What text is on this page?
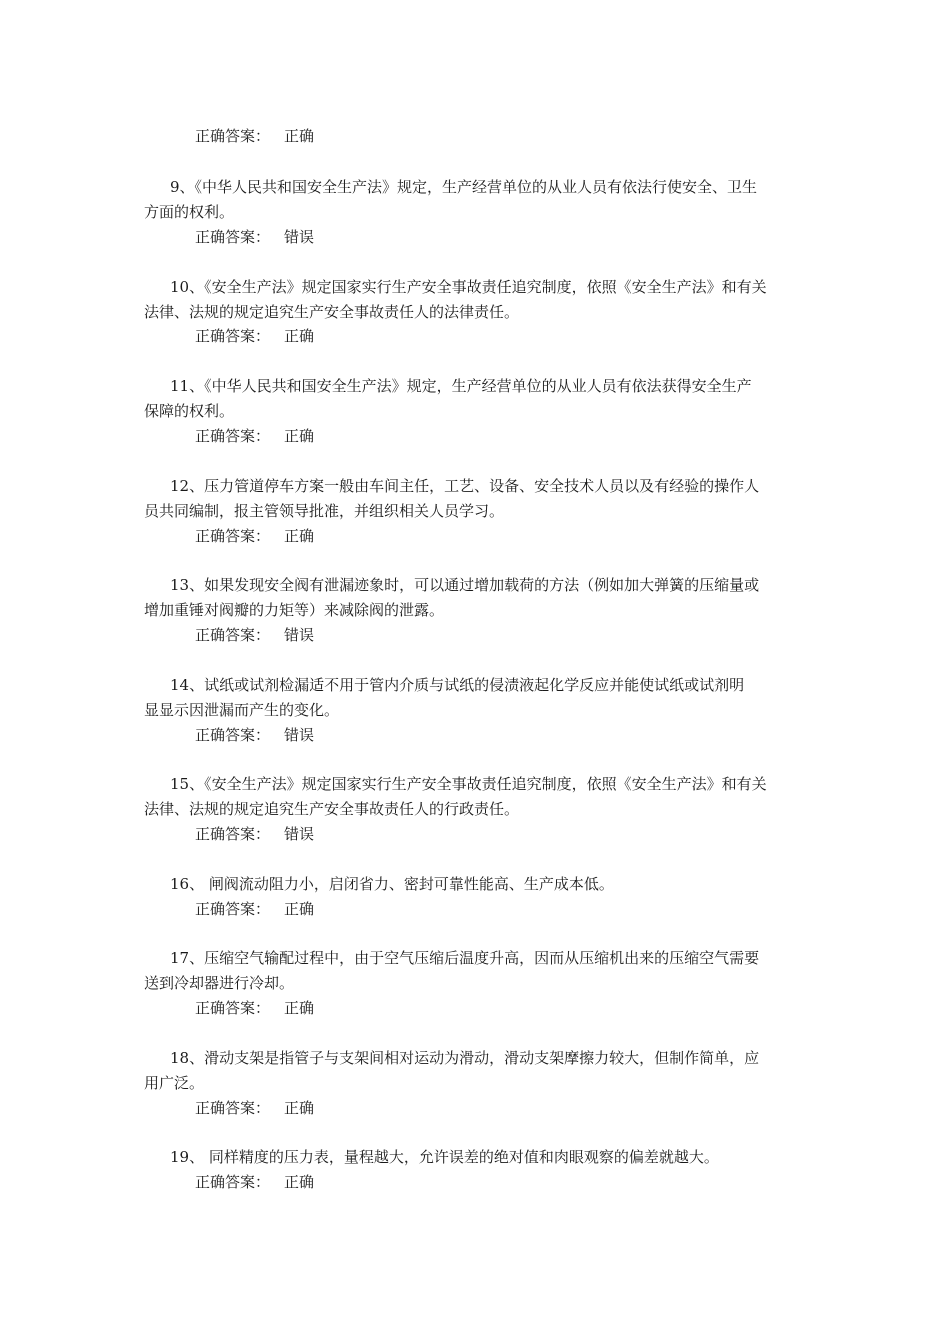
正确答案： 正确
9、《中华人民共和国安全生产法》规定，生产经营单位的从业人员有依法行使安全、卫生
方面的权利。
正确答案： 错误
10、《安全生产法》规定国家实行生产安全事故责任追究制度，依照《安全生产法》和有关
法律、法规的规定追究生产安全事故责任人的法律责任。
正确答案： 正确
11、《中华人民共和国安全生产法》规定，生产经营单位的从业人员有依法获得安全生产
保障的权利。
正确答案： 正确
12、压力管道停车方案一般由车间主任，工艺、设备、安全技术人员以及有经验的操作人
员共同编制，报主管领导批准，并组织相关人员学习。
正确答案： 正确
13、如果发现安全阀有泄漏迹象时，可以通过增加载荷的方法（例如加大弹簧的压缩量或
增加重锤对阀瓣的力矩等）来减除阀的泄露。
正确答案： 错误
14、试纸或试剂检漏适不用于管内介质与试纸的侵渍液起化学反应并能使试纸或试剂明
显显示因泄漏而产生的变化。
正确答案： 错误
15、《安全生产法》规定国家实行生产安全事故责任追究制度，依照《安全生产法》和有关
法律、法规的规定追究生产安全事故责任人的行政责任。
正确答案： 错误
16、 闸阀流动阻力小，启闭省力、密封可靠性能高、生产成本低。
正确答案： 正确
17、压缩空气输配过程中，由于空气压缩后温度升高，因而从压缩机出来的压缩空气需要
送到冷却器进行冷却。
正确答案： 正确
18、滑动支架是指管子与支架间相对运动为滑动，滑动支架摩擦力较大，但制作简单，应
用广泛。
正确答案： 正确
19、 同样精度的压力表，量程越大，允许误差的绝对值和肉眼观察的偏差就越大。
正确答案： 正确
